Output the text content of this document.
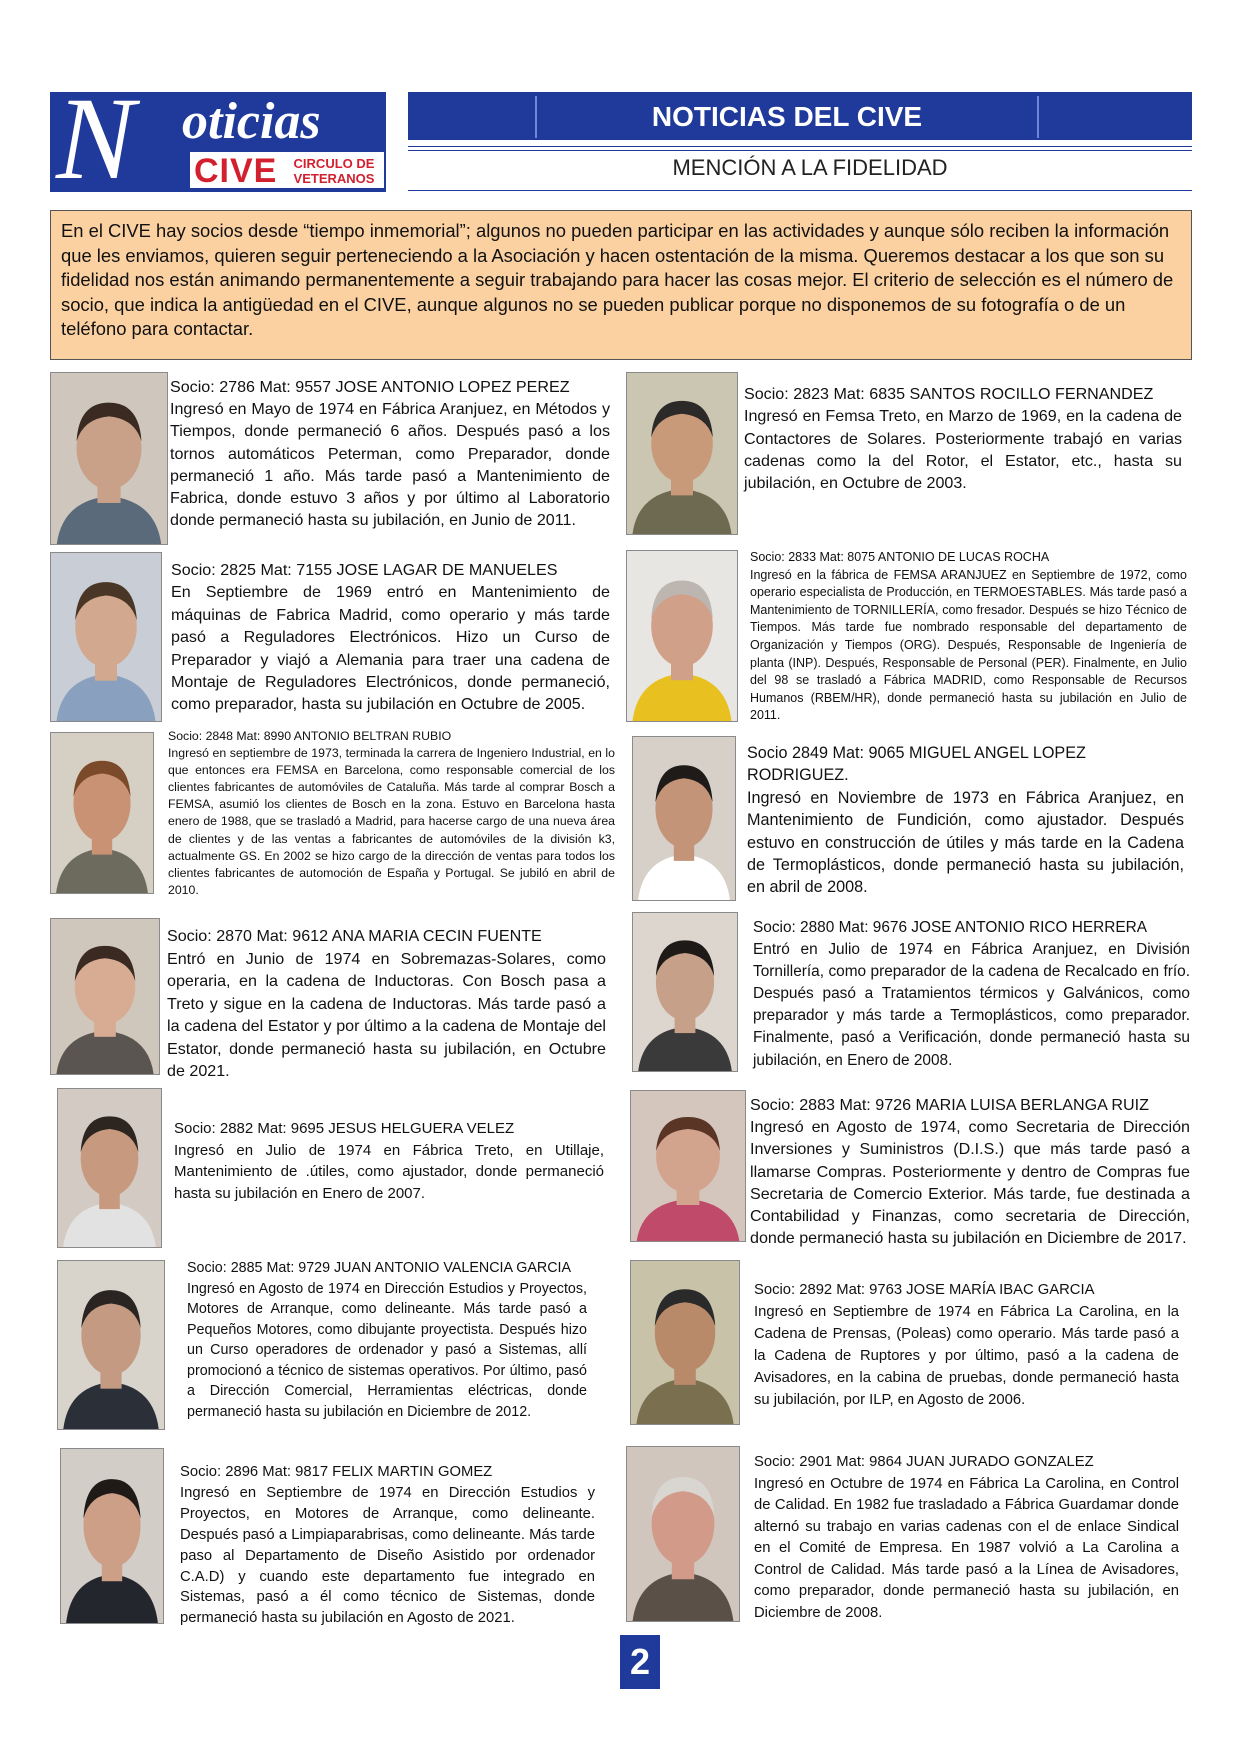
N oticias
CIVE	CIRCULO DE VETERANOS
NOTICIAS DEL CIVE
MENCIÓN A LA FIDELIDAD
En el CIVE hay socios desde “tiempo inmemorial”; algunos no pueden participar en las actividades y aunque sólo reciben la información que les enviamos, quieren seguir perteneciendo a la Asociación y hacen ostentación de la misma. Queremos destacar a los que son su fidelidad nos están animando permanentemente a seguir trabajando para hacer las cosas mejor. El criterio de selección es el número de socio, que indica la antigüedad en el CIVE, aunque algunos no se pueden publicar porque no disponemos de su fotografía o de un teléfono para contactar.
Socio: 2786 Mat: 9557 JOSE ANTONIO LOPEZ PEREZ
Ingresó en Mayo de 1974 en Fábrica Aranjuez, en Métodos y Tiempos, donde permaneció 6 años. Después pasó a los tornos automáticos Peterman, como Preparador, donde permaneció 1 año. Más tarde pasó a Mantenimiento de Fabrica, donde estuvo 3 años y por último al Laboratorio donde permaneció hasta su jubilación, en Junio de 2011.
Socio: 2825 Mat: 7155 JOSE LAGAR DE MANUELES
En Septiembre de 1969 entró en Mantenimiento de máquinas de Fabrica Madrid, como operario y más tarde pasó a Reguladores Electrónicos. Hizo un Curso de Preparador y viajó a Alemania para traer una cadena de Montaje de Reguladores Electrónicos, donde permaneció, como preparador, hasta su jubilación en Octubre de 2005.
Socio: 2848 Mat: 8990 ANTONIO BELTRAN RUBIO
Ingresó en septiembre de 1973, terminada la carrera de Ingeniero Industrial, en lo que entonces era FEMSA en Barcelona, como responsable comercial de los clientes fabricantes de automóviles de Cataluña. Más tarde al comprar Bosch a FEMSA, asumió los clientes de Bosch en la zona. Estuvo en Barcelona hasta enero de 1988, que se trasladó a Madrid, para hacerse cargo de una nueva área de clientes y de las ventas a fabricantes de automóviles de la división k3, actualmente GS. En 2002 se hizo cargo de la dirección de ventas para todos los clientes fabricantes de automoción de España y Portugal. Se jubiló en abril de 2010.
Socio: 2870 Mat: 9612 ANA MARIA CECIN FUENTE
Entró en Junio de 1974 en Sobremazas-Solares, como operaria, en la cadena de Inductoras. Con Bosch pasa a Treto y sigue en la cadena de Inductoras. Más tarde pasó a la cadena del Estator y por último a la cadena de Montaje del Estator, donde permaneció hasta su jubilación, en Octubre de 2021.
Socio: 2882 Mat: 9695 JESUS HELGUERA VELEZ
Ingresó en Julio de 1974 en Fábrica Treto, en Utillaje, Mantenimiento de .útiles, como ajustador, donde permaneció hasta su jubilación en Enero de 2007.
Socio: 2885 Mat: 9729 JUAN ANTONIO VALENCIA GARCIA
Ingresó en Agosto de 1974 en Dirección Estudios y Proyectos, Motores de Arranque, como delineante. Más tarde pasó a Pequeños Motores, como dibujante proyectista. Después hizo un Curso operadores de ordenador y pasó a Sistemas, allí promocionó a técnico de sistemas operativos. Por último, pasó a Dirección Comercial, Herramientas eléctricas, donde permaneció hasta su jubilación en Diciembre de 2012.
Socio: 2896 Mat: 9817 FELIX MARTIN GOMEZ
Ingresó en Septiembre de 1974 en Dirección Estudios y Proyectos, en Motores de Arranque, como delineante. Después pasó a Limpiaparabrisas, como delineante. Más tarde paso al Departamento de Diseño Asistido por ordenador C.A.D) y cuando este departamento fue integrado en Sistemas, pasó a él como técnico de Sistemas, donde permaneció hasta su jubilación en Agosto de 2021.
Socio: 2823 Mat: 6835 SANTOS ROCILLO FERNANDEZ
Ingresó en Femsa Treto, en Marzo de 1969, en la cadena de Contactores de Solares. Posteriormente trabajó en varias cadenas como la del Rotor, el Estator, etc., hasta su jubilación, en Octubre de 2003.
Socio: 2833 Mat: 8075 ANTONIO DE LUCAS ROCHA
Ingresó en la fábrica de FEMSA ARANJUEZ en Septiembre de 1972, como operario especialista de Producción, en TERMOESTABLES. Más tarde pasó a Mantenimiento de TORNILLERÍA, como fresador. Después se hizo Técnico de Tiempos. Más tarde fue nombrado responsable del departamento de Organización y Tiempos (ORG). Después, Responsable de Ingeniería de planta (INP). Después, Responsable de Personal (PER). Finalmente, en Julio del 98 se trasladó a Fábrica MADRID, como Responsable de Recursos Humanos (RBEM/HR), donde permaneció hasta su jubilación en Julio de 2011.
Socio 2849 Mat: 9065 MIGUEL ANGEL LOPEZ RODRIGUEZ.
Ingresó en Noviembre de 1973 en Fábrica Aranjuez, en Mantenimiento de Fundición, como ajustador. Después estuvo en construcción de útiles y más tarde en la Cadena de Termoplásticos, donde permaneció hasta su jubilación, en abril de 2008.
Socio: 2880 Mat: 9676 JOSE ANTONIO RICO HERRERA
Entró en Julio de 1974 en Fábrica Aranjuez, en División Tornillería, como preparador de la cadena de Recalcado en frío. Después pasó a Tratamientos térmicos y Galvánicos, como preparador y más tarde a Termoplásticos, como preparador. Finalmente, pasó a Verificación, donde permaneció hasta su jubilación, en Enero de 2008.
Socio: 2883 Mat: 9726 MARIA LUISA BERLANGA RUIZ
Ingresó en Agosto de 1974, como Secretaria de Dirección Inversiones y Suministros (D.I.S.) que más tarde pasó a llamarse Compras. Posteriormente y dentro de Compras fue Secretaria de Comercio Exterior. Más tarde, fue destinada a Contabilidad y Finanzas, como secretaria de Dirección, donde permaneció hasta su jubilación en Diciembre de 2017.
Socio: 2892 Mat: 9763 JOSE MARÍA IBAC GARCIA
Ingresó en Septiembre de 1974 en Fábrica La Carolina, en la Cadena de Prensas, (Poleas) como operario. Más tarde pasó a la Cadena de Ruptores y por último, pasó a la cadena de Avisadores, en la cabina de pruebas, donde permaneció hasta su jubilación, por ILP, en Agosto de 2006.
Socio: 2901 Mat: 9864 JUAN JURADO GONZALEZ
Ingresó en Octubre de 1974 en Fábrica La Carolina, en Control de Calidad. En 1982 fue trasladado a Fábrica Guardamar donde alternó su trabajo en varias cadenas con el de enlace Sindical en el Comité de Empresa. En 1987 volvió a La Carolina a Control de Calidad. Más tarde pasó a la Línea de Avisadores, como preparador, donde permaneció hasta su jubilación, en Diciembre de 2008.
2
